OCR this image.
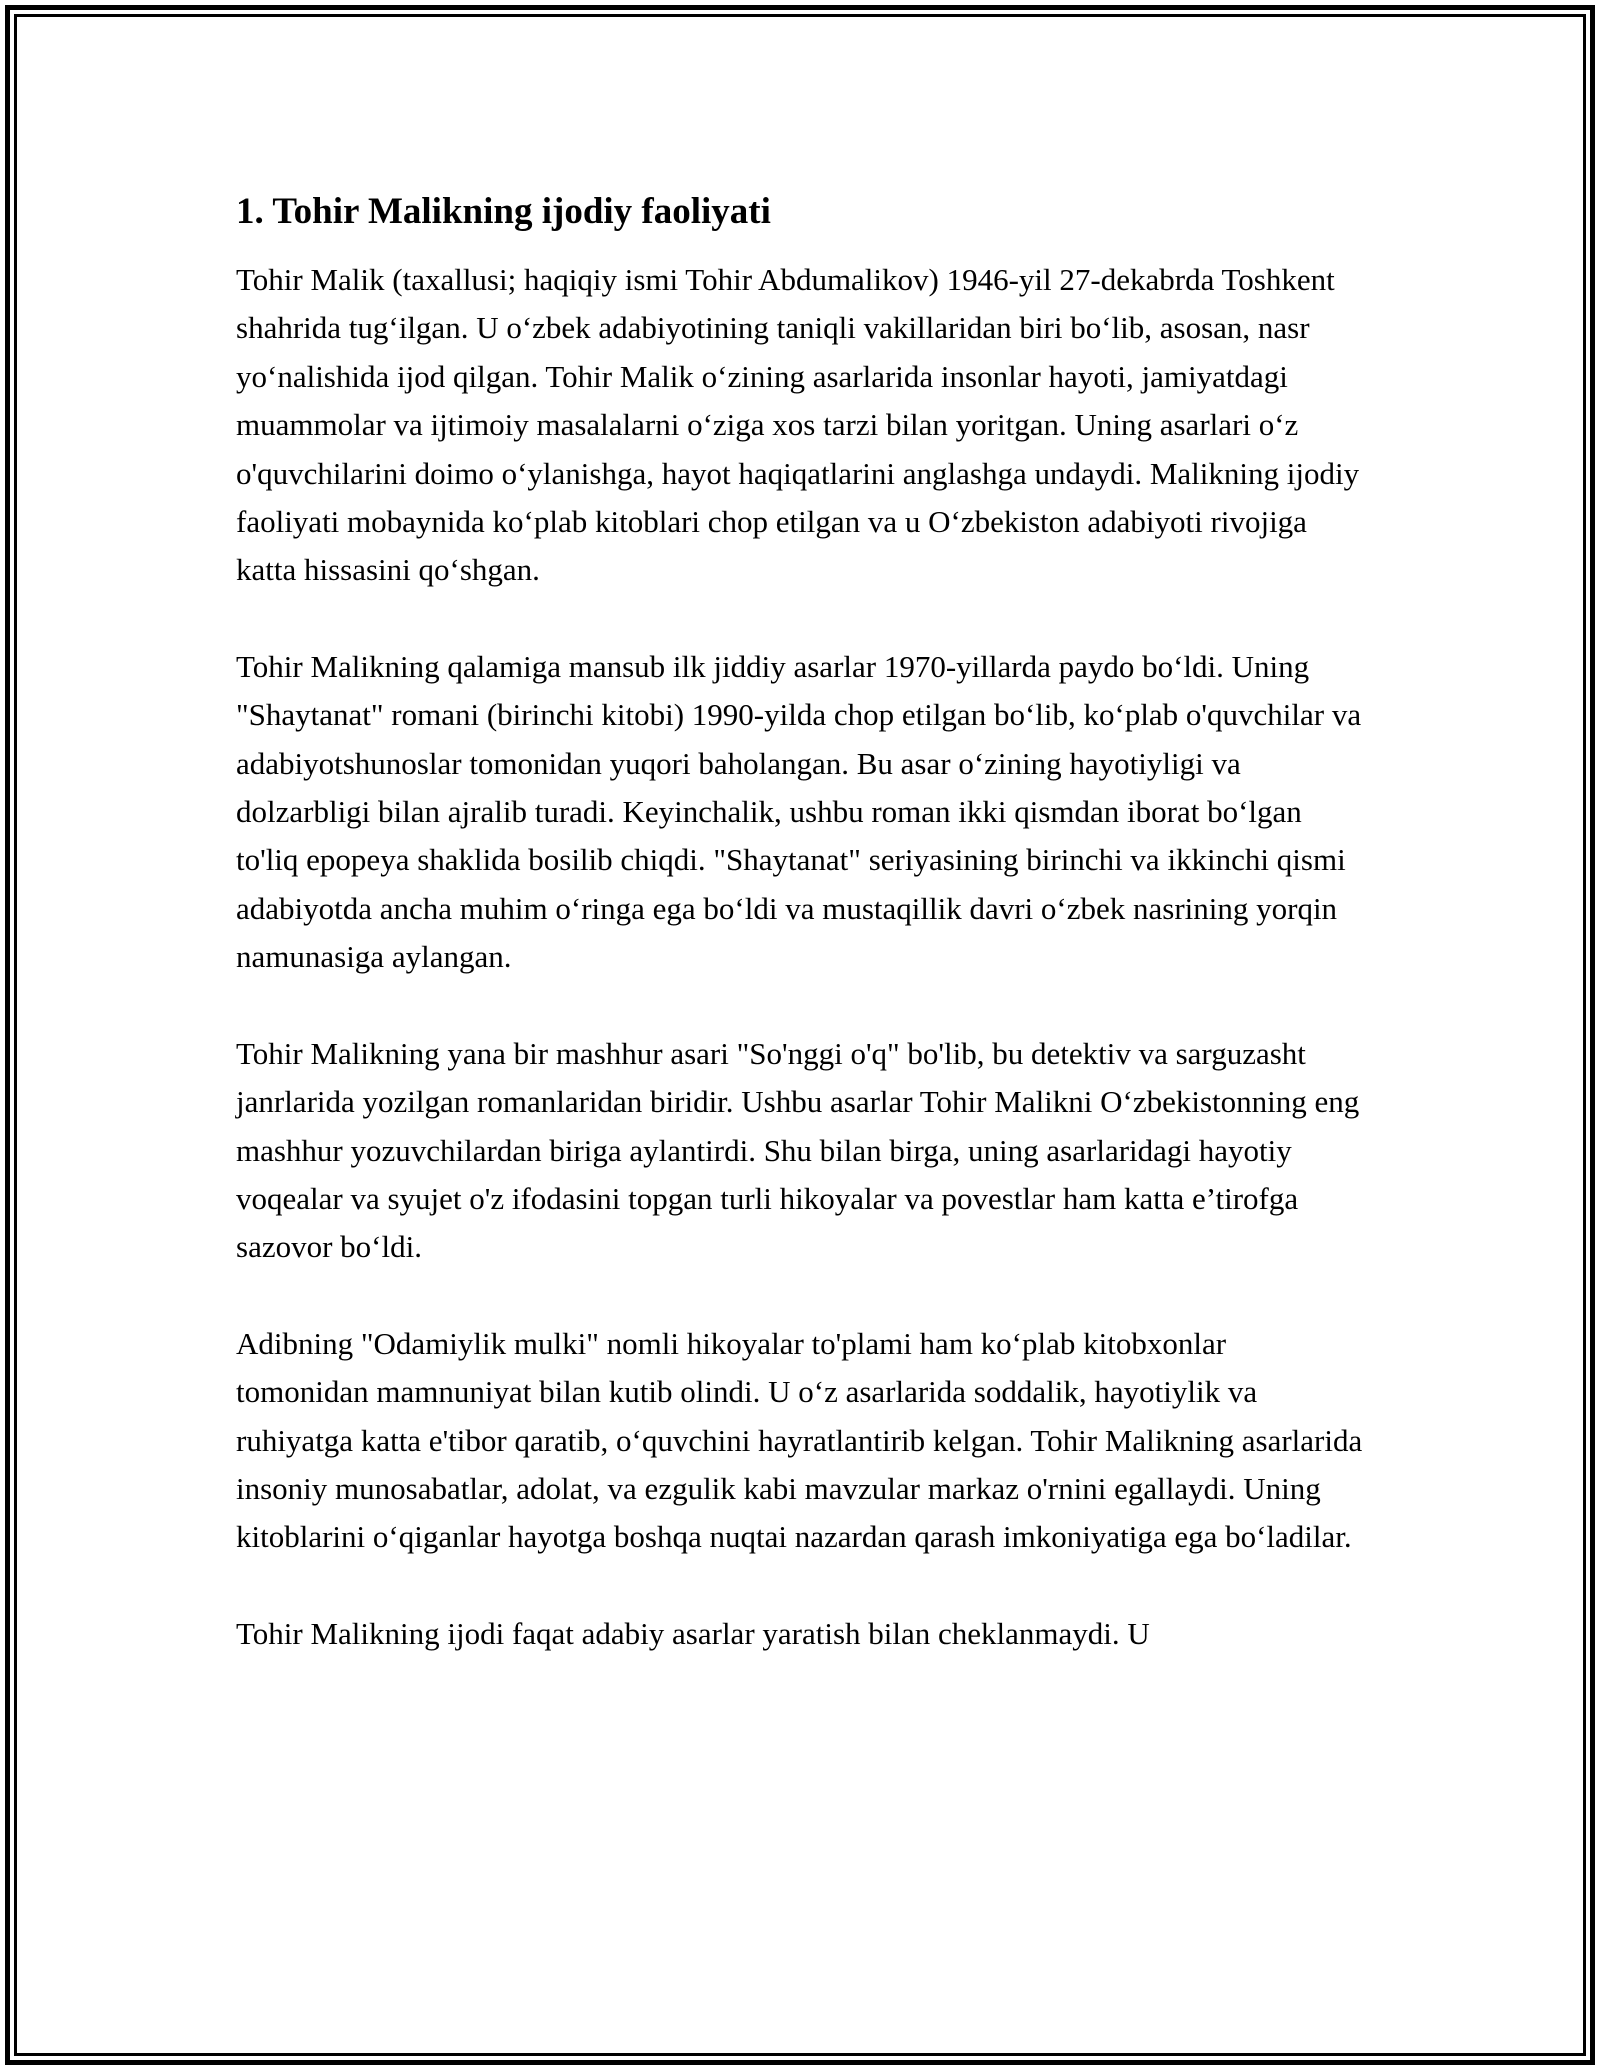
1. Tohir Malikning ijodiy faoliyati

Tohir Malik (taxallusi; haqiqiy ismi Tohir Abdumalikov) 1946-yil 27-dekabrda Toshkent shahrida tug‘ilgan. U o‘zbek adabiyotining taniqli vakillaridan biri bo‘lib, asosan, nasr yo‘nalishida ijod qilgan. Tohir Malik o‘zining asarlarida insonlar hayoti, jamiyatdagi muammolar va ijtimoiy masalalarni o‘ziga xos tarzi bilan yoritgan. Uning asarlari o‘z o'quvchilarini doimo o‘ylanishga, hayot haqiqatlarini anglashga undaydi. Malikning ijodiy faoliyati mobaynida ko‘plab kitoblari chop etilgan va u O‘zbekiston adabiyoti rivojiga katta hissasini qo‘shgan.

Tohir Malikning qalamiga mansub ilk jiddiy asarlar 1970-yillarda paydo bo‘ldi. Uning "Shaytanat" romani (birinchi kitobi) 1990-yilda chop etilgan bo‘lib, ko‘plab o'quvchilar va adabiyotshunoslar tomonidan yuqori baholangan. Bu asar o‘zining hayotiyligi va dolzarbligi bilan ajralib turadi. Keyinchalik, ushbu roman ikki qismdan iborat bo‘lgan to'liq epopeya shaklida bosilib chiqdi. "Shaytanat" seriyasining birinchi va ikkinchi qismi adabiyotda ancha muhim o‘ringa ega bo‘ldi va mustaqillik davri o‘zbek nasrining yorqin namunasiga aylangan.

Tohir Malikning yana bir mashhur asari "So'nggi o'q" bo'lib, bu detektiv va sarguzasht janrlarida yozilgan romanlaridan biridir. Ushbu asarlar Tohir Malikni O‘zbekistonning eng mashhur yozuvchilardan biriga aylantirdi. Shu bilan birga, uning asarlaridagi hayotiy voqealar va syujet o'z ifodasini topgan turli hikoyalar va povestlar ham katta e’tirofga sazovor bo‘ldi.

Adibning "Odamiylik mulki" nomli hikoyalar to'plami ham ko‘plab kitobxonlar tomonidan mamnuniyat bilan kutib olindi. U o‘z asarlarida soddalik, hayotiylik va ruhiyatga katta e'tibor qaratib, o‘quvchini hayratlantirib kelgan. Tohir Malikning asarlarida insoniy munosabatlar, adolat, va ezgulik kabi mavzular markaz o'rnini egallaydi. Uning kitoblarini o‘qiganlar hayotga boshqa nuqtai nazardan qarash imkoniyatiga ega bo‘ladilar.

Tohir Malikning ijodi faqat adabiy asarlar yaratish bilan cheklanmaydi. U
